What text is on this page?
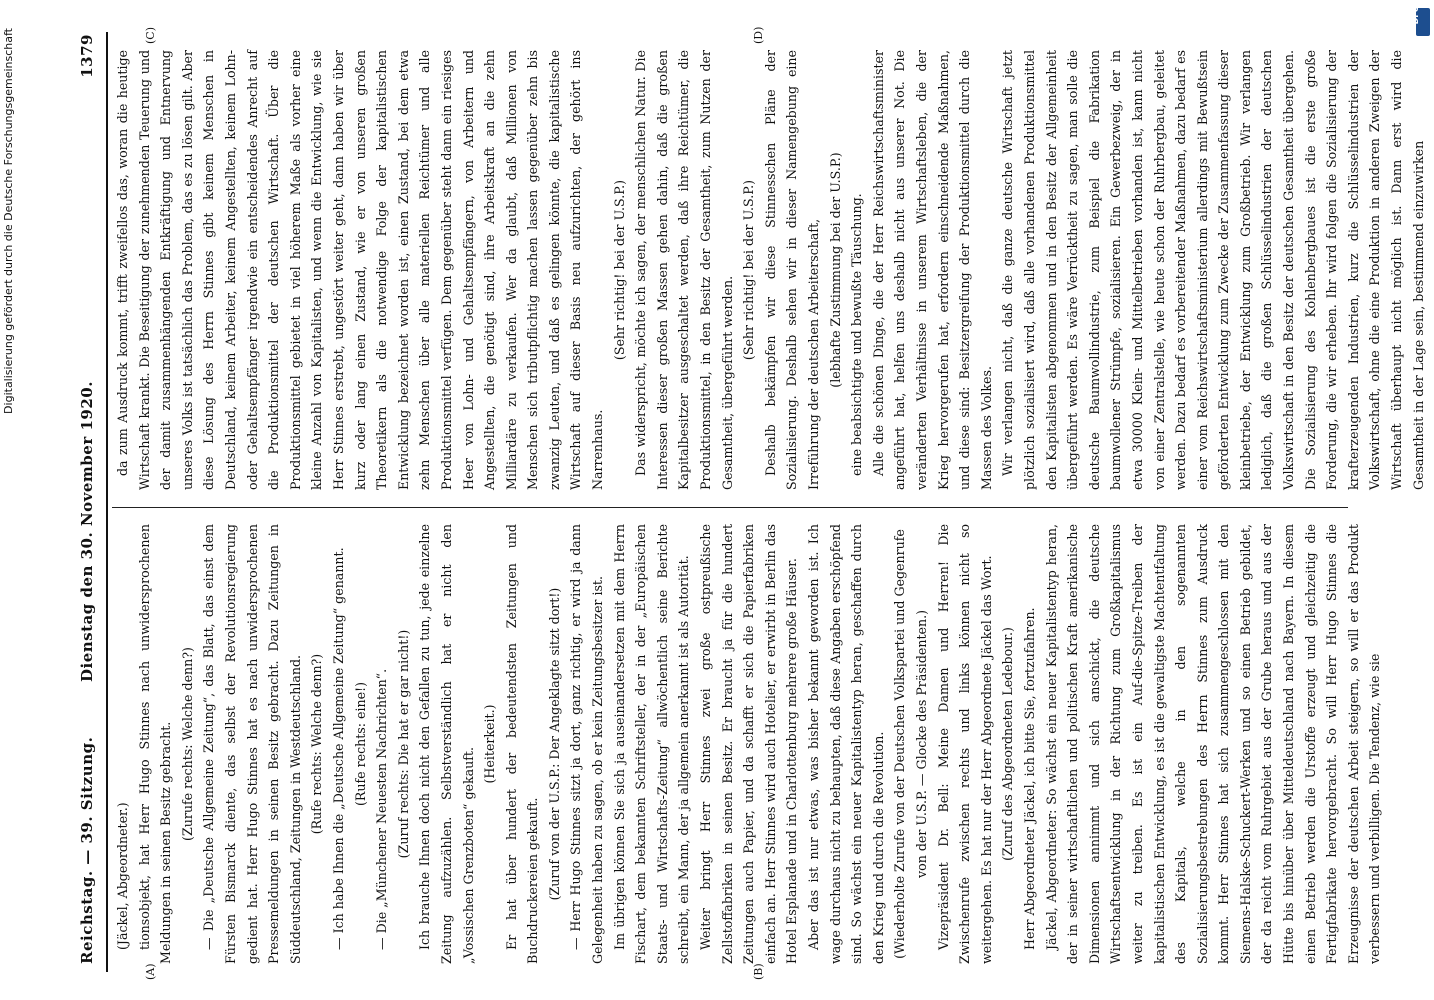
Reichstag. — 39. Sitzung.
Dienstag den 30. November 1920.
1379
(A)	(B)
(C)	(D)

(Jäckel, Abgeordneter.) tionsobjekt, hat Herr Hugo Stinnes nach unwidersprochenen Meldungen in seinen Besitz gebracht. (Zurufe rechts: Welche denn?) — Die „Deutsche Allgemeine Zeitung“, das Blatt, das einst dem Fürsten Bismarck diente, das selbst der Revolutionsregierung gedient hat. Herr Hugo Stinnes hat es nach unwidersprochenen Pressemeldungen in seinen Besitz gebracht. Dazu Zeitungen in Süddeutschland, Zeitungen in Westdeutschland. (Rufe rechts: Welche denn?) — Ich habe Ihnen die „Deutsche Allgemeine Zeitung“ genannt. (Rufe rechts: eine!) — Die „Münchener Neuesten Nachrichten“. (Zuruf rechts: Die hat er gar nicht!) Ich brauche Ihnen doch nicht den Gefallen zu tun, jede einzelne Zeitung aufzuzählen. Selbstverständlich hat er nicht den „Vossischen Grenzboten“ gekauft.

(Heiterkeit.) Er hat über hundert der bedeutendsten Zeitungen und Buchdruckereien gekauft. (Zuruf von der U.S.P.: Der Angeklagte sitzt dort!) — Herr Hugo Stinnes sitzt ja dort, ganz richtig, er wird ja dann Gelegenheit haben zu sagen, ob er kein Zeitungsbesitzer ist. Im übrigen können Sie sich ja auseinandersetzen mit dem Herrn Fischart, dem bekannten Schriftsteller, der in der „Europäischen Staats- und Wirtschafts-Zeitung“ allwöchentlich seine Berichte schreibt, ein Mann, der ja allgemein anerkannt ist als Autorität. Weiter bringt Herr Stinnes zwei große ostpreußische Zellstoffabriken in seinen Besitz. Er braucht ja für die hundert Zeitungen auch Papier, und da schafft er sich die Papierfabriken einfach an. Herr Stinnes wird auch Hotelier, er erwirbt in Berlin das Hotel Esplanade und in Charlottenburg mehrere große Häuser. Aber das ist nur etwas, was bisher bekannt geworden ist. Ich wage durchaus nicht zu behaupten, daß diese Angaben erschöpfend sind. So wächst ein neuer Kapitalistentyp heran, geschaffen durch den Krieg und durch die Revolution. (Wiederholte Zurufe von der Deutschen Volkspartei und Gegenrufe von der U.S.P. — Glocke des Präsidenten.) Vizepräsident Dr. Bell: Meine Damen und Herren! Die Zwischenrufe zwischen rechts und links können nicht so weitergehen. Es hat nur der Herr Abgeordnete Jäckel das Wort. (Zuruf des Abgeordneten Ledebour.) Herr Abgeordneter Jäckel, ich bitte Sie, fortzufahren. Jäckel, Abgeordneter: So wächst ein neuer Kapitalistentyp heran, der in seiner wirtschaftlichen und politischen Kraft amerikanische Dimensionen annimmt und sich anschickt, die deutsche Wirtschaftsentwicklung in der Richtung zum Großkapitalismus weiter zu treiben. Es ist ein Auf-die-Spitze-Treiben der kapitalistischen Entwicklung, es ist die gewaltigste Machtentfaltung des Kapitals, welche in den sogenannten Sozialisierungsbestrebungen des Herrn Stinnes zum Ausdruck kommt. Herr Stinnes hat sich zusammengeschlossen mit den Siemens-Halske-Schuckert-Werken und so einen Betrieb gebildet, der da reicht vom Ruhrgebiet aus der Grube heraus und aus der Hütte bis hinüber über Mitteldeutschland nach Bayern. In diesem einen Betrieb werden die Urstoffe erzeugt und gleichzeitig die Fertigfabrikate hervorgebracht. So will Herr Hugo Stinnes die Erzeugnisse der deutschen Arbeit steigern, so will er das Produkt verbessern und verbilligen. Die Tendenz, wie sie

da zum Ausdruck kommt, trifft zweifellos das, woran die heutige Wirtschaft krankt. Die Beseitigung der zunehmenden Teuerung und der damit zusammenhängenden Entkräftigung und Entnervung unseres Volks ist tatsächlich das Problem, das es zu lösen gilt. Aber diese Lösung des Herrn Stinnes gibt keinem Menschen in Deutschland, keinem Arbeiter, keinem Angestellten, keinem Lohn- oder Gehaltsempfänger irgendwie ein entscheidendes Anrecht auf die Produktionsmittel der deutschen Wirtschaft. Über die Produktionsmittel gebietet in viel höherem Maße als vorher eine kleine Anzahl von Kapitalisten, und wenn die Entwicklung, wie sie Herr Stinnes erstrebt, ungestört weiter geht, dann haben wir über kurz oder lang einen Zustand, wie er von unseren großen Theoretikern als die notwendige Folge der kapitalistischen Entwicklung bezeichnet worden ist, einen Zustand, bei dem etwa zehn Menschen über alle materiellen Reichtümer und alle Produktionsmittel verfügen. Dem gegenüber steht dann ein riesiges Heer von Lohn- und Gehaltsempfängern, von Arbeitern und Angestellten, die genötigt sind, ihre Arbeitskraft an die zehn Milliardäre zu verkaufen. Wer da glaubt, daß Millionen von Menschen sich tributpflichtig machen lassen gegenüber zehn bis zwanzig Leuten, und daß es gelingen könnte, die kapitalistische Wirtschaft auf dieser Basis neu aufzurichten, der gehört ins Narrenhaus.

(Sehr richtig! bei der U.S.P.) Das widerspricht, möchte ich sagen, der menschlichen Natur. Die Interessen dieser großen Massen gehen dahin, daß die großen Kapitalbesitzer ausgeschaltet werden, daß ihre Reichtümer, die Produktionsmittel, in den Besitz der Gesamtheit, zum Nutzen der Gesamtheit, übergeführt werden.

(Sehr richtig! bei der U.S.P.) Deshalb bekämpfen wir diese Stinnesschen Pläne der Sozialisierung. Deshalb sehen wir in dieser Namengebung eine Irreführung der deutschen Arbeiterschaft, (lebhafte Zustimmung bei der U.S.P.) eine beabsichtigte und bewußte Täuschung. Alle die schönen Dinge, die der Herr Reichswirtschaftsminister angeführt hat, helfen uns deshalb nicht aus unserer Not. Die veränderten Verhältnisse in unserem Wirtschaftsleben, die der Krieg hervorgerufen hat, erfordern einschneidende Maßnahmen, und diese sind: Besitzergreifung der Produktionsmittel durch die Massen des Volkes. Wir verlangen nicht, daß die ganze deutsche Wirtschaft jetzt plötzlich sozialisiert wird, daß alle vorhandenen Produktionsmittel den Kapitalisten abgenommen und in den Besitz der Allgemeinheit übergeführt werden. Es wäre Verrücktheit zu sagen, man solle die deutsche Baumwollindustrie, zum Beispiel die Fabrikation baumwollener Strümpfe, sozialisieren. Ein Gewerbezweig, der in etwa 30000 Klein- und Mittelbetrieben vorhanden ist, kann nicht von einer Zentralstelle, wie heute schon der Ruhrbergbau, geleitet werden. Dazu bedarf es vorbereitender Maßnahmen, dazu bedarf es einer vom Reichswirtschaftsministerium allerdings mit Bewußtsein geförderten Entwicklung zum Zwecke der Zusammenfassung dieser kleinbetriebe, der Entwicklung zum Großbetrieb. Wir verlangen lediglich, daß die großen Schlüsselindustrien der deutschen Volkswirtschaft in den Besitz der deutschen Gesamtheit übergehen. Die Sozialisierung des Kohlenbergbaues ist die erste große Forderung, die wir erheben. Ihr wird folgen die Sozialisierung der krafterzeugenden Industrien, kurz die Schlüsselindustrien der Volkswirtschaft, ohne die eine Produktion in anderen Zweigen der Wirtschaft überhaupt nicht möglich ist. Dann erst wird die Gesamtheit in der Lage sein, bestimmend einzuwirken

Digitalisierung gefördert durch die Deutsche Forschungsgemeinschaft
DFG
